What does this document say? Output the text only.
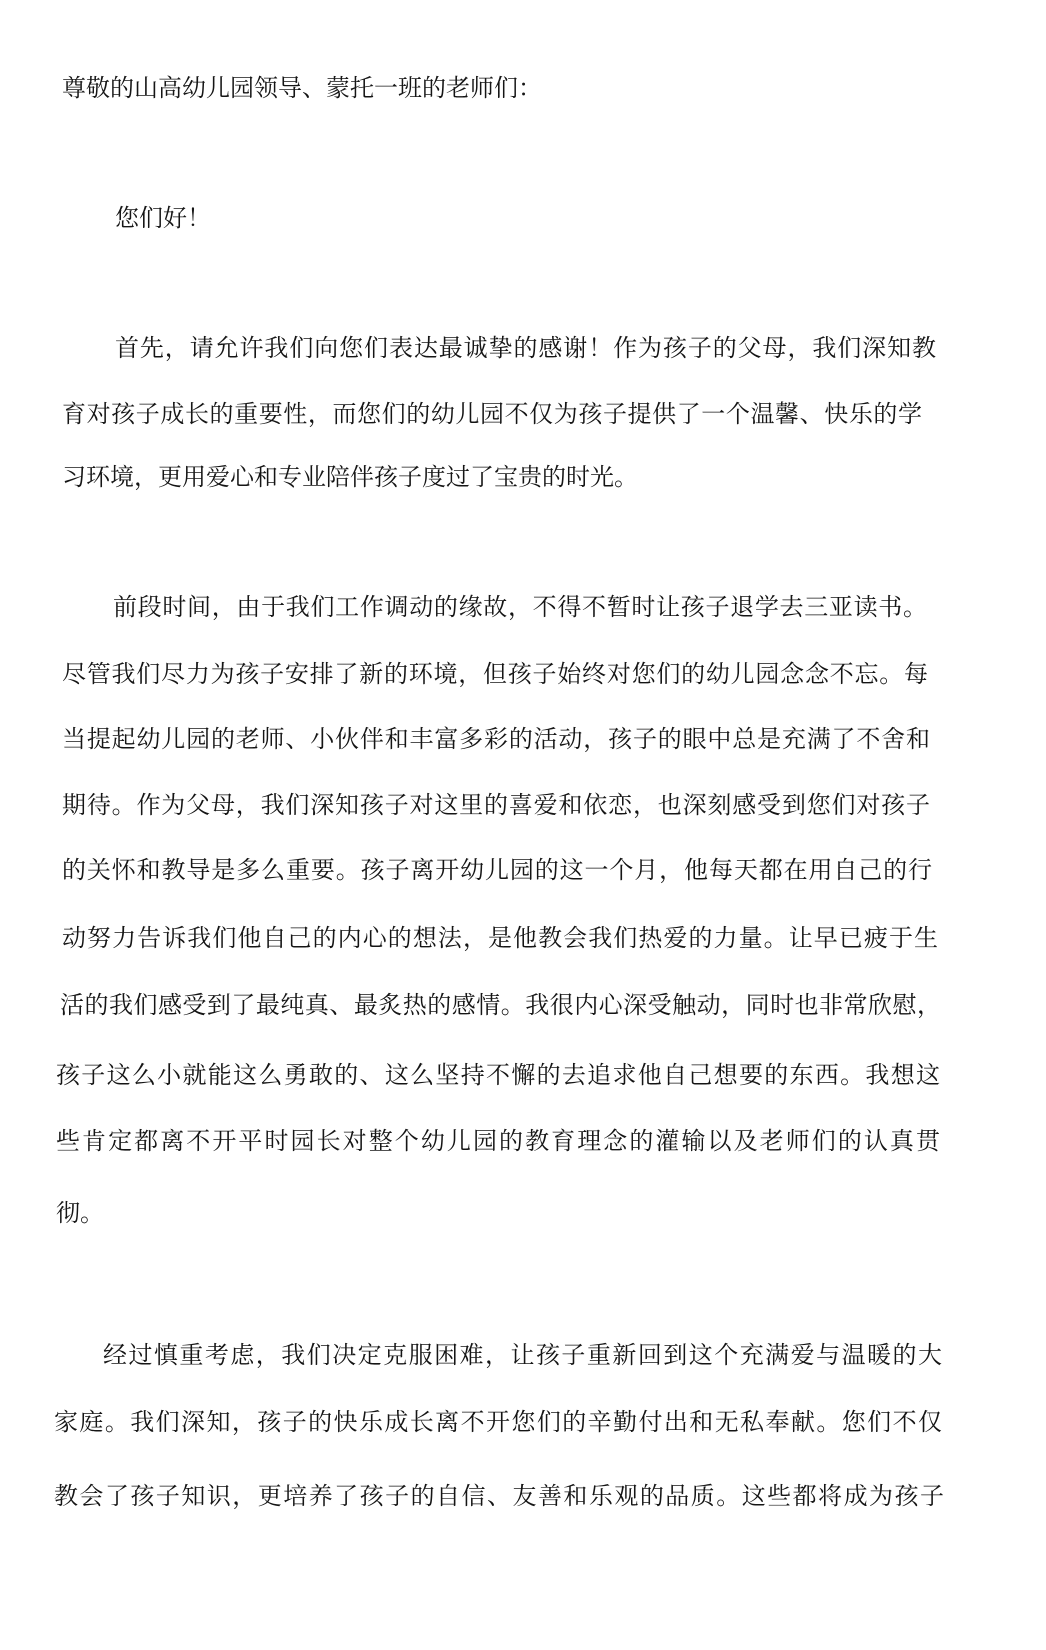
尊敬的山高幼儿园领导、蒙托一班的老师们：
您们好！
首先，请允许我们向您们表达最诚挚的感谢！作为孩子的父母，我们深知教
育对孩子成长的重要性，而您们的幼儿园不仅为孩子提供了一个温馨、快乐的学
习环境，更用爱心和专业陪伴孩子度过了宝贵的时光。
前段时间，由于我们工作调动的缘故，不得不暂时让孩子退学去三亚读书。
尽管我们尽力为孩子安排了新的环境，但孩子始终对您们的幼儿园念念不忘。每
当提起幼儿园的老师、小伙伴和丰富多彩的活动，孩子的眼中总是充满了不舍和
期待。作为父母，我们深知孩子对这里的喜爱和依恋，也深刻感受到您们对孩子
的关怀和教导是多么重要。孩子离开幼儿园的这一个月，他每天都在用自己的行
动努力告诉我们他自己的内心的想法，是他教会我们热爱的力量。让早已疲于生
活的我们感受到了最纯真、最炙热的感情。我很内心深受触动，同时也非常欣慰，
孩子这么小就能这么勇敢的、这么坚持不懈的去追求他自己想要的东西。我想这
些肯定都离不开平时园长对整个幼儿园的教育理念的灌输以及老师们的认真贯
彻。
经过慎重考虑，我们决定克服困难，让孩子重新回到这个充满爱与温暖的大
家庭。我们深知，孩子的快乐成长离不开您们的辛勤付出和无私奉献。您们不仅
教会了孩子知识，更培养了孩子的自信、友善和乐观的品质。这些都将成为孩子
